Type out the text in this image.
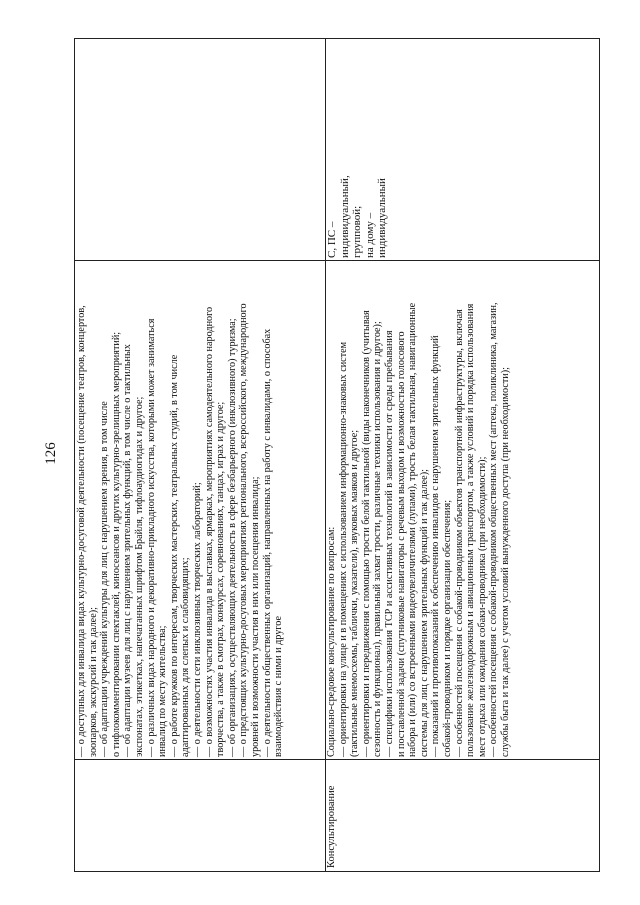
126 — о доступных для инвалида видах культурно-досуговой деятельности (посещение театров, концертов, зоопарков, экскурсий и так далее); — об адаптации учреждений культуры для лиц с нарушением зрения, в том числе о тифлокомментировании спектаклей, киносеансов и других культурно-зрелищных мероприятий; — об адаптации музеев для лиц с нарушением зрительных функций, в том числе о тактильных экспонатах, этикетках, напечатанных шрифтом Брайля, тифлоаудиогидах и другое; — о различных видах народного и декоративно-прикладного искусства, которыми может заниматься инвалид по месту жительства; — о работе кружков по интересам, творческих мастерских, театральных студий, в том числе адаптированных для слепых и слабовидящих; — о деятельности сети инклюзивных творческих лабораторий; — о возможностях участия инвалида в выставках, ярмарках, мероприятиях самодеятельного народного творчества, а также в смотрах, конкурсах, соревнованиях, танцах, играх и другое; — об организациях, осуществляющих деятельность в сфере безбарьерного (инклюзивного) туризма; — о предстоящих культурно-досуговых мероприятиях регионального, всероссийского, международного уровней и возможности участия в них или посещения инвалида; — о деятельности общественных организаций, направленных на работу с инвалидами, о способах взаимодействия с ними и другое
Консультирование
Социально-средовое консультирование по вопросам: — ориентировки на улице и в помещениях с использованием информационно-знаковых систем (тактильные мнемосхемы, таблички, указатели), звуковых маяков и другое; — ориентировки и передвижения с помощью трости белой тактильной (виды наконечников (учитывая сезонность и функционал), правильный захват трости, различные техники использования и другое); — специфики использования ТСР и ассистивных технологий в зависимости от среды пребывания и поставленной задачи (спутниковые навигаторы с речевым выходом и возможностью голосового набора и (или) со встроенными видеоувеличителями (лупами), трость белая тактильная, навигационные системы для лиц с нарушением зрительных функций и так далее); — показаний и противопоказаний к обеспечению инвалидов с нарушением зрительных функций собакой-проводником и порядке организации обеспечения; — особенностей посещения с собакой-проводником объектов транспортной инфраструктуры, включая пользование железнодорожным и авиационным транспортом, а также условий и порядка использования мест отдыха или ожидания собаки-проводника (при необходимости); — особенностей посещения с собакой-проводником общественных мест (аптека, поликлиника, магазин, службы быта и так далее) с учетом условий вынужденного доступа (при необходимости);
С, ПС – индивидуальный, групповой; на дому – индивидуальный
